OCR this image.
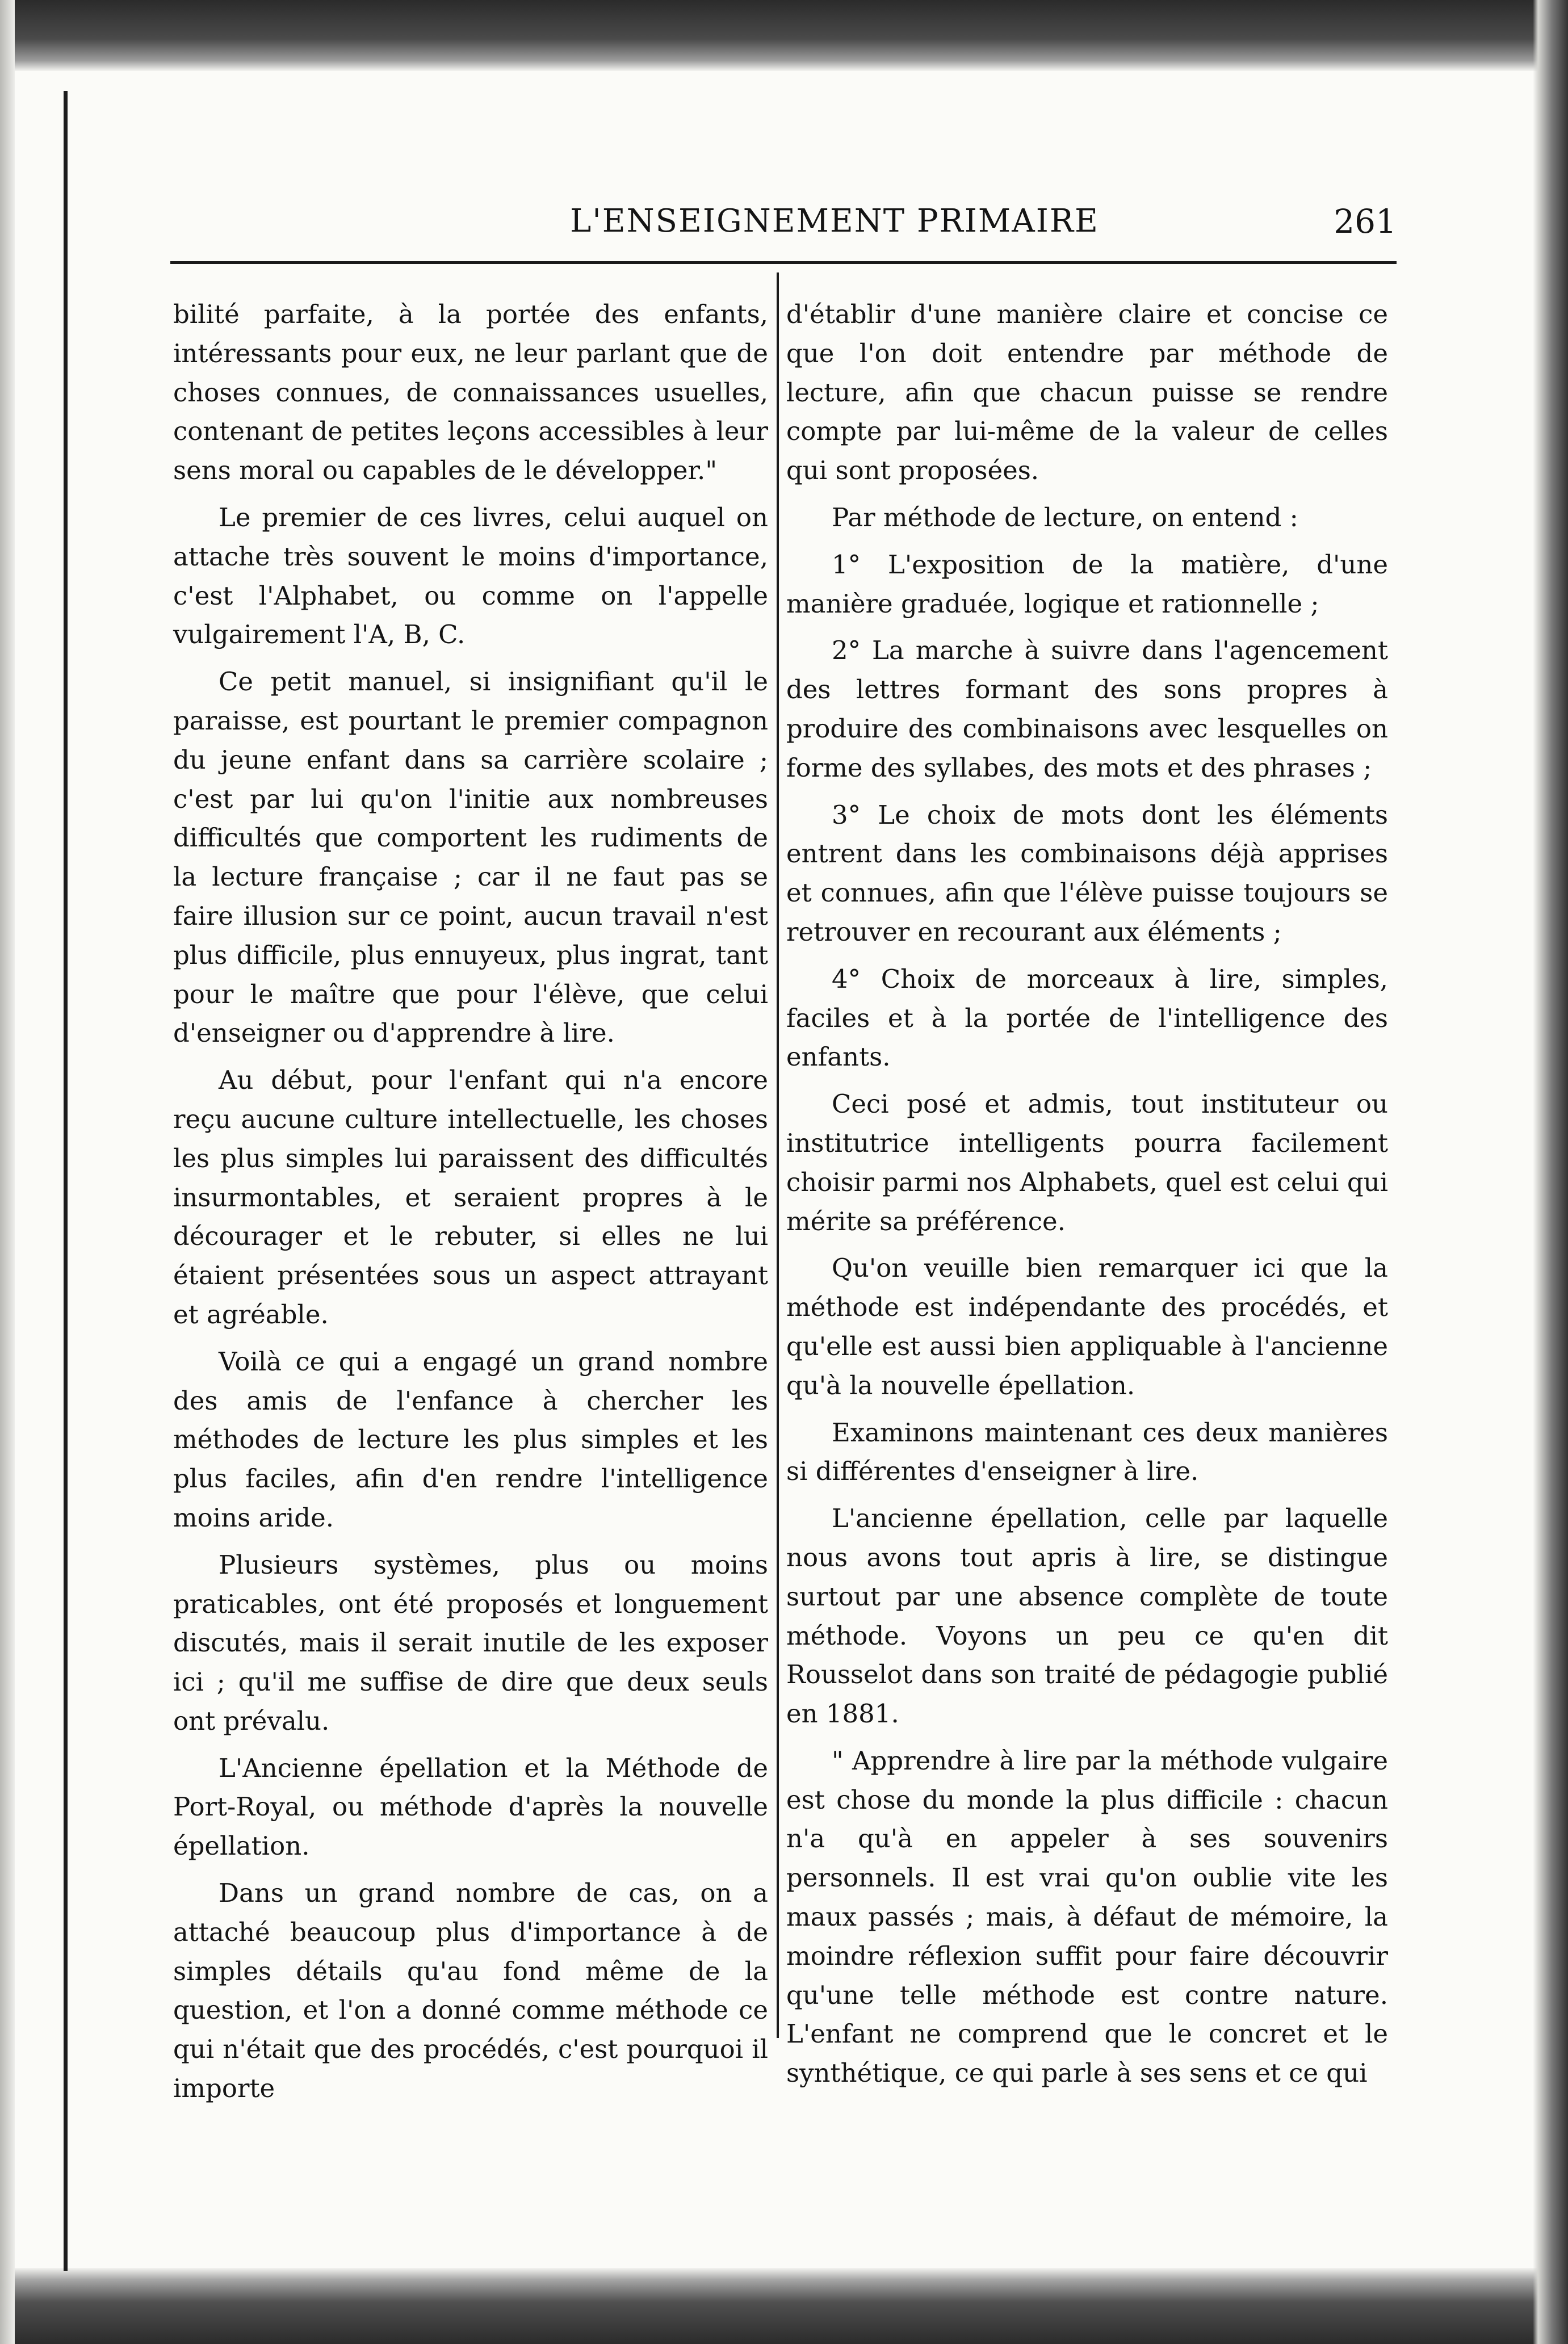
L'ENSEIGNEMENT PRIMAIRE	261

bilité parfaite, à la portée des enfants, intéressants pour eux, ne leur parlant que de choses connues, de connaissances usuelles, contenant de petites leçons accessibles à leur sens moral ou capables de le développer."

Le premier de ces livres, celui auquel on attache très souvent le moins d'importance, c'est l'Alphabet, ou comme on l'appelle vulgairement l'A, B, C.

Ce petit manuel, si insignifiant qu'il le paraisse, est pourtant le premier compagnon du jeune enfant dans sa carrière scolaire ; c'est par lui qu'on l'initie aux nombreuses difficultés que comportent les rudiments de la lecture française ; car il ne faut pas se faire illusion sur ce point, aucun travail n'est plus difficile, plus ennuyeux, plus ingrat, tant pour le maître que pour l'élève, que celui d'enseigner ou d'apprendre à lire.

Au début, pour l'enfant qui n'a encore reçu aucune culture intellectuelle, les choses les plus simples lui paraissent des difficultés insurmontables, et seraient propres à le décourager et le rebuter, si elles ne lui étaient présentées sous un aspect attrayant et agréable.

Voilà ce qui a engagé un grand nombre des amis de l'enfance à chercher les méthodes de lecture les plus simples et les plus faciles, afin d'en rendre l'intelligence moins aride.

Plusieurs systèmes, plus ou moins praticables, ont été proposés et longuement discutés, mais il serait inutile de les exposer ici ; qu'il me suffise de dire que deux seuls ont prévalu.

L'Ancienne épellation et la Méthode de Port-Royal, ou méthode d'après la nouvelle épellation.

Dans un grand nombre de cas, on a attaché beaucoup plus d'importance à de simples détails qu'au fond même de la question, et l'on a donné comme méthode ce qui n'était que des procédés, c'est pourquoi il importe

d'établir d'une manière claire et concise ce que l'on doit entendre par méthode de lecture, afin que chacun puisse se rendre compte par lui-même de la valeur de celles qui sont proposées.

Par méthode de lecture, on entend :

1° L'exposition de la matière, d'une manière graduée, logique et rationnelle ;

2° La marche à suivre dans l'agencement des lettres formant des sons propres à produire des combinaisons avec lesquelles on forme des syllabes, des mots et des phrases ;

3° Le choix de mots dont les éléments entrent dans les combinaisons déjà apprises et connues, afin que l'élève puisse toujours se retrouver en recourant aux éléments ;

4° Choix de morceaux à lire, simples, faciles et à la portée de l'intelligence des enfants.

Ceci posé et admis, tout instituteur ou institutrice intelligents pourra facilement choisir parmi nos Alphabets, quel est celui qui mérite sa préférence.

Qu'on veuille bien remarquer ici que la méthode est indépendante des procédés, et qu'elle est aussi bien appliquable à l'ancienne qu'à la nouvelle épellation.

Examinons maintenant ces deux manières si différentes d'enseigner à lire.

L'ancienne épellation, celle par laquelle nous avons tout apris à lire, se distingue surtout par une absence complète de toute méthode. Voyons un peu ce qu'en dit Rousselot dans son traité de pédagogie publié en 1881.

" Apprendre à lire par la méthode vulgaire est chose du monde la plus difficile : chacun n'a qu'à en appeler à ses souvenirs personnels. Il est vrai qu'on oublie vite les maux passés ; mais, à défaut de mémoire, la moindre réflexion suffit pour faire découvrir qu'une telle méthode est contre nature. L'enfant ne comprend que le concret et le synthétique, ce qui parle à ses sens et ce qui
